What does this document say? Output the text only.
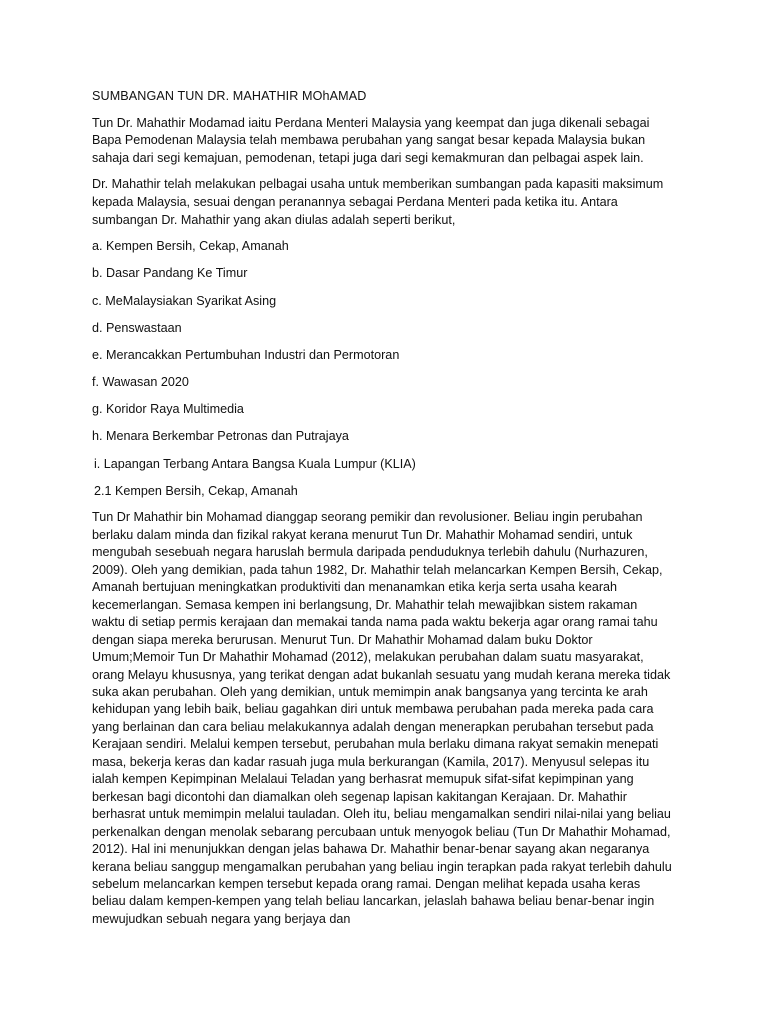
SUMBANGAN TUN DR. MAHATHIR MOhAMAD

Tun Dr. Mahathir Modamad iaitu Perdana Menteri Malaysia yang keempat dan juga dikenali sebagai Bapa Pemodenan Malaysia telah membawa perubahan yang sangat besar kepada Malaysia bukan sahaja dari segi kemajuan, pemodenan, tetapi juga dari segi kemakmuran dan pelbagai aspek lain.

Dr. Mahathir telah melakukan pelbagai usaha untuk memberikan sumbangan pada kapasiti maksimum kepada Malaysia, sesuai dengan peranannya sebagai Perdana Menteri pada ketika itu. Antara sumbangan Dr. Mahathir yang akan diulas adalah seperti berikut,

a. Kempen Bersih, Cekap, Amanah
b. Dasar Pandang Ke Timur
c. MeMalaysiakan Syarikat Asing
d. Penswastaan
e. Merancakkan Pertumbuhan Industri dan Permotoran
f. Wawasan 2020
g. Koridor Raya Multimedia
h. Menara Berkembar Petronas dan Putrajaya
i. Lapangan Terbang Antara Bangsa Kuala Lumpur (KLIA)
2.1 Kempen Bersih, Cekap, Amanah

Tun Dr Mahathir bin Mohamad dianggap seorang pemikir dan revolusioner. Beliau ingin perubahan berlaku dalam minda dan fizikal rakyat kerana menurut Tun Dr. Mahathir Mohamad sendiri, untuk mengubah sesebuah negara haruslah bermula daripada penduduknya terlebih dahulu (Nurhazuren, 2009). Oleh yang demikian, pada tahun 1982, Dr. Mahathir telah melancarkan Kempen Bersih, Cekap, Amanah bertujuan meningkatkan produktiviti dan menanamkan etika kerja serta usaha kearah kecemerlangan. Semasa kempen ini berlangsung, Dr. Mahathir telah mewajibkan sistem rakaman waktu di setiap permis kerajaan dan memakai tanda nama pada waktu bekerja agar orang ramai tahu dengan siapa mereka berurusan. Menurut Tun. Dr Mahathir Mohamad dalam buku Doktor Umum;Memoir Tun Dr Mahathir Mohamad (2012), melakukan perubahan dalam suatu masyarakat, orang Melayu khususnya, yang terikat dengan adat bukanlah sesuatu yang mudah kerana mereka tidak suka akan perubahan. Oleh yang demikian, untuk memimpin anak bangsanya yang tercinta ke arah kehidupan yang lebih baik, beliau gagahkan diri untuk membawa perubahan pada mereka pada cara yang berlainan dan cara beliau melakukannya adalah dengan menerapkan perubahan tersebut pada Kerajaan sendiri. Melalui kempen tersebut, perubahan mula berlaku dimana rakyat semakin menepati masa, bekerja keras dan kadar rasuah juga mula berkurangan (Kamila, 2017). Menyusul selepas itu ialah kempen Kepimpinan Melalaui Teladan yang berhasrat memupuk sifat-sifat kepimpinan yang berkesan bagi dicontohi dan diamalkan oleh segenap lapisan kakitangan Kerajaan. Dr. Mahathir berhasrat untuk memimpin melalui tauladan. Oleh itu, beliau mengamalkan sendiri nilai-nilai yang beliau perkenalkan dengan menolak sebarang percubaan untuk menyogok beliau (Tun Dr Mahathir Mohamad, 2012). Hal ini menunjukkan dengan jelas bahawa Dr. Mahathir benar-benar sayang akan negaranya kerana beliau sanggup mengamalkan perubahan yang beliau ingin terapkan pada rakyat terlebih dahulu sebelum melancarkan kempen tersebut kepada orang ramai. Dengan melihat kepada usaha keras beliau dalam kempen-kempen yang telah beliau lancarkan, jelaslah bahawa beliau benar-benar ingin mewujudkan sebuah negara yang berjaya dan
